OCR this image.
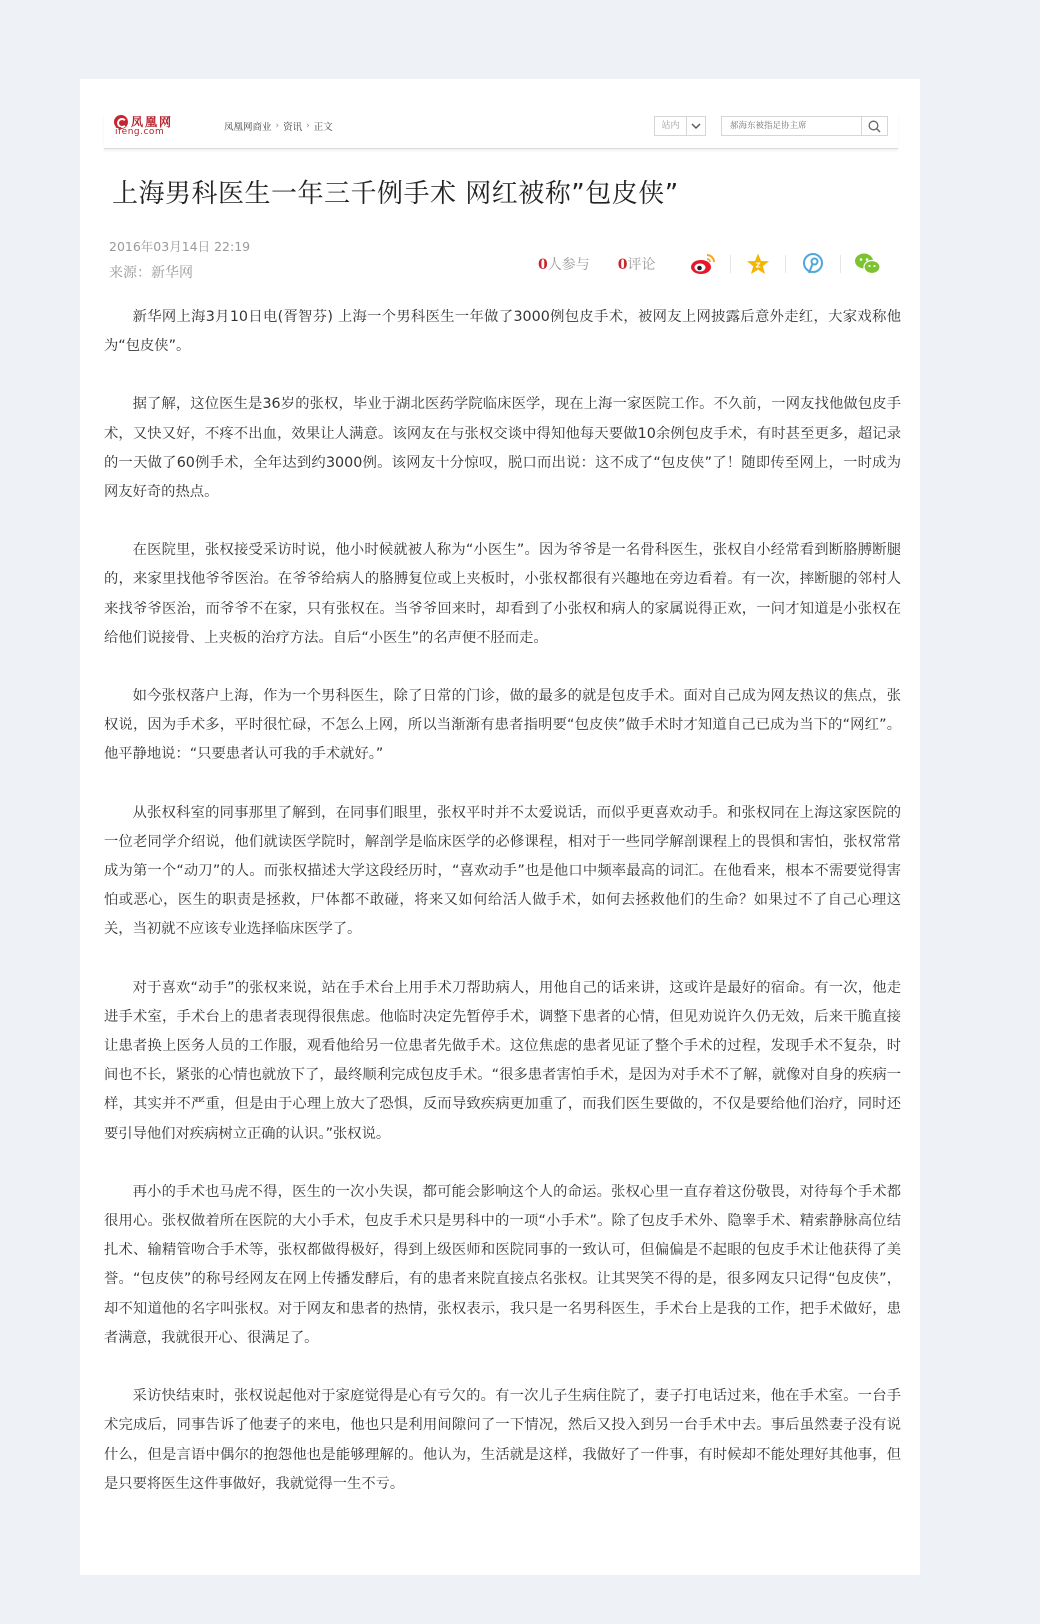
凤凰网
ifeng.com	凤凰网商业 › 资讯 › 正文	站内
郝海东被指足协主席
上海男科医生一年三千例手术 网红被称”包皮侠”
2016年03月14日 22:19
来源：新华网	0人参与 0评论	Z

新华网上海3月10日电(胥智芬) 上海一个男科医生一年做了3000例包皮手术，被网友上网披露后意外走红，大家戏称他为“包皮侠”。

据了解，这位医生是36岁的张权，毕业于湖北医药学院临床医学，现在上海一家医院工作。不久前，一网友找他做包皮手术，又快又好，不疼不出血，效果让人满意。该网友在与张权交谈中得知他每天要做10余例包皮手术，有时甚至更多，超记录的一天做了60例手术，全年达到约3000例。该网友十分惊叹，脱口而出说：这不成了“包皮侠”了！随即传至网上，一时成为网友好奇的热点。

在医院里，张权接受采访时说，他小时候就被人称为“小医生”。因为爷爷是一名骨科医生，张权自小经常看到断胳膊断腿的，来家里找他爷爷医治。在爷爷给病人的胳膊复位或上夹板时，小张权都很有兴趣地在旁边看着。有一次，摔断腿的邻村人来找爷爷医治，而爷爷不在家，只有张权在。当爷爷回来时，却看到了小张权和病人的家属说得正欢，一问才知道是小张权在给他们说接骨、上夹板的治疗方法。自后“小医生”的名声便不胫而走。

如今张权落户上海，作为一个男科医生，除了日常的门诊，做的最多的就是包皮手术。面对自己成为网友热议的焦点，张权说，因为手术多，平时很忙碌，不怎么上网，所以当渐渐有患者指明要“包皮侠”做手术时才知道自己已成为当下的“网红”。他平静地说：“只要患者认可我的手术就好。”

从张权科室的同事那里了解到，在同事们眼里，张权平时并不太爱说话，而似乎更喜欢动手。和张权同在上海这家医院的一位老同学介绍说，他们就读医学院时，解剖学是临床医学的必修课程，相对于一些同学解剖课程上的畏惧和害怕，张权常常成为第一个“动刀”的人。而张权描述大学这段经历时，“喜欢动手”也是他口中频率最高的词汇。在他看来，根本不需要觉得害怕或恶心，医生的职责是拯救，尸体都不敢碰，将来又如何给活人做手术，如何去拯救他们的生命？如果过不了自己心理这关，当初就不应该专业选择临床医学了。

对于喜欢“动手”的张权来说，站在手术台上用手术刀帮助病人，用他自己的话来讲，这或许是最好的宿命。有一次，他走进手术室，手术台上的患者表现得很焦虑。他临时决定先暂停手术，调整下患者的心情，但见劝说许久仍无效，后来干脆直接让患者换上医务人员的工作服，观看他给另一位患者先做手术。这位焦虑的患者见证了整个手术的过程，发现手术不复杂，时间也不长，紧张的心情也就放下了，最终顺利完成包皮手术。“很多患者害怕手术，是因为对手术不了解，就像对自身的疾病一样，其实并不严重，但是由于心理上放大了恐惧，反而导致疾病更加重了，而我们医生要做的，不仅是要给他们治疗，同时还要引导他们对疾病树立正确的认识。”张权说。

再小的手术也马虎不得，医生的一次小失误，都可能会影响这个人的命运。张权心里一直存着这份敬畏，对待每个手术都很用心。张权做着所在医院的大小手术，包皮手术只是男科中的一项“小手术”。除了包皮手术外、隐睾手术、精索静脉高位结扎术、输精管吻合手术等，张权都做得极好，得到上级医师和医院同事的一致认可，但偏偏是不起眼的包皮手术让他获得了美誉。“包皮侠”的称号经网友在网上传播发酵后，有的患者来院直接点名张权。让其哭笑不得的是，很多网友只记得“包皮侠”，却不知道他的名字叫张权。对于网友和患者的热情，张权表示，我只是一名男科医生，手术台上是我的工作，把手术做好，患者满意，我就很开心、很满足了。

采访快结束时，张权说起他对于家庭觉得是心有亏欠的。有一次儿子生病住院了，妻子打电话过来，他在手术室。一台手术完成后，同事告诉了他妻子的来电，他也只是利用间隙问了一下情况，然后又投入到另一台手术中去。事后虽然妻子没有说什么，但是言语中偶尔的抱怨他也是能够理解的。他认为，生活就是这样，我做好了一件事，有时候却不能处理好其他事，但是只要将医生这件事做好，我就觉得一生不亏。
